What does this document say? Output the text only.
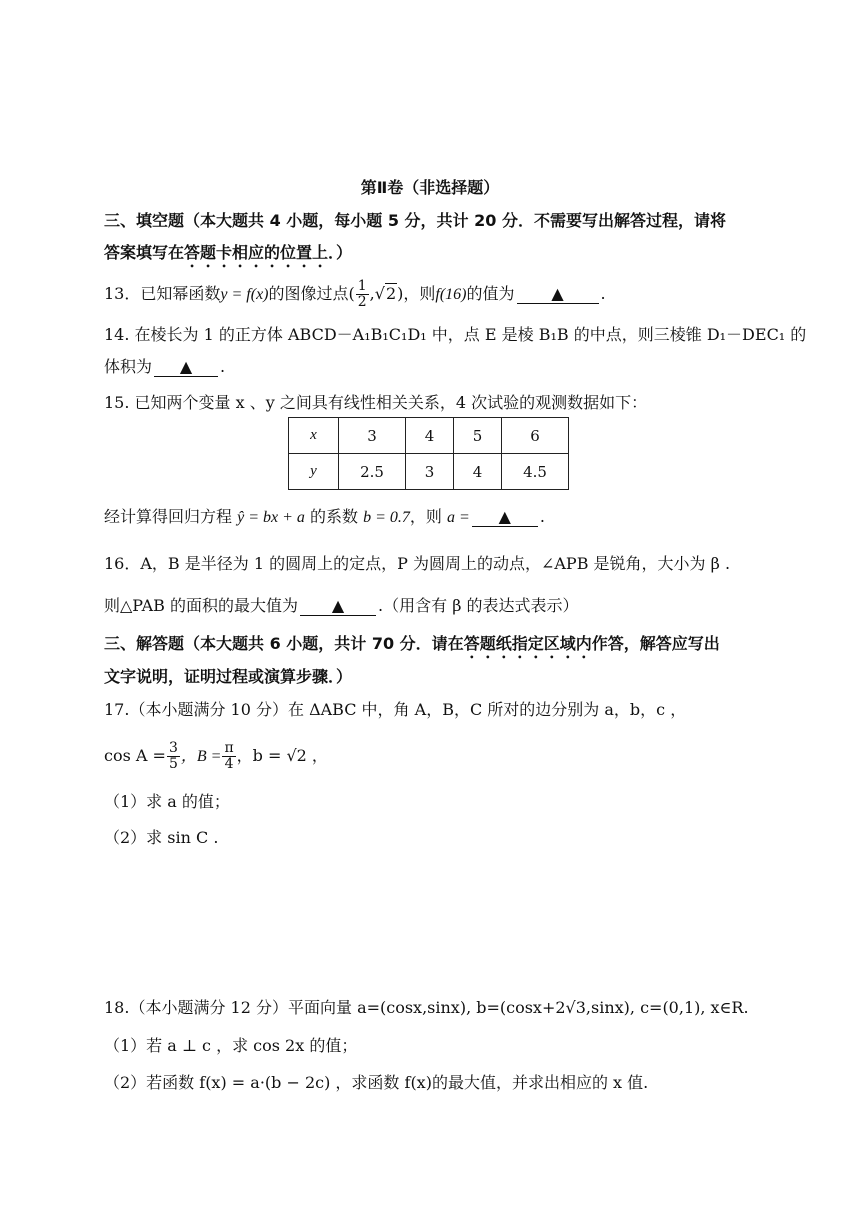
第Ⅱ卷（非选择题）
三、填空题（本大题共 4 小题，每小题 5 分，共计 20 分．不需要写出解答过程，请将
答案填写在答题卡相应的位置上．）
13．已知幂函数y = f(x)的图像过点( $\frac{1}{2} ,√2$)，则f(16)的值为 ▲ .
14. 在棱长为 1 的正方体 ABCD－A₁B₁C₁D₁ 中，点 E 是棱 B₁B 的中点，则三棱锥 D₁－DEC₁ 的
体积为 ▲ .
15. 已知两个变量 x 、y 之间具有线性相关关系，4 次试验的观测数据如下：
x	3	4	5	6
y	2.5	3	4	4.5
经计算得回归方程 ŷ = bx + a 的系数 b = 0.7，则 a = ▲ .
16．A，B 是半径为 1 的圆周上的定点，P 为圆周上的动点，∠APB 是锐角，大小为 β .
则△PAB 的面积的最大值为 ▲ .（用含有 β 的表达式表示）
三、解答题（本大题共 6 小题，共计 70 分．请在答题纸指定区域内作答，解答应写出
文字说明，证明过程或演算步骤．）
17.（本小题满分 10 分）在 ΔABC 中，角 A，B，C 所对的边分别为 a，b，c ，
$\cos A = \frac{3}{5}$ ，$B = \frac{\pi}{4}$ ，b = √2 ，
（1）求 a 的值；
（2）求 sin C .
18.（本小题满分 12 分）平面向量 a=(cosx,sinx), b=(cosx+2√3,sinx), c=(0,1), x∈R.
（1）若 a ⊥ c ，求 cos 2x 的值；
（2）若函数 f(x) = a·(b − 2c) ，求函数 f(x)的最大值，并求出相应的 x 值.
